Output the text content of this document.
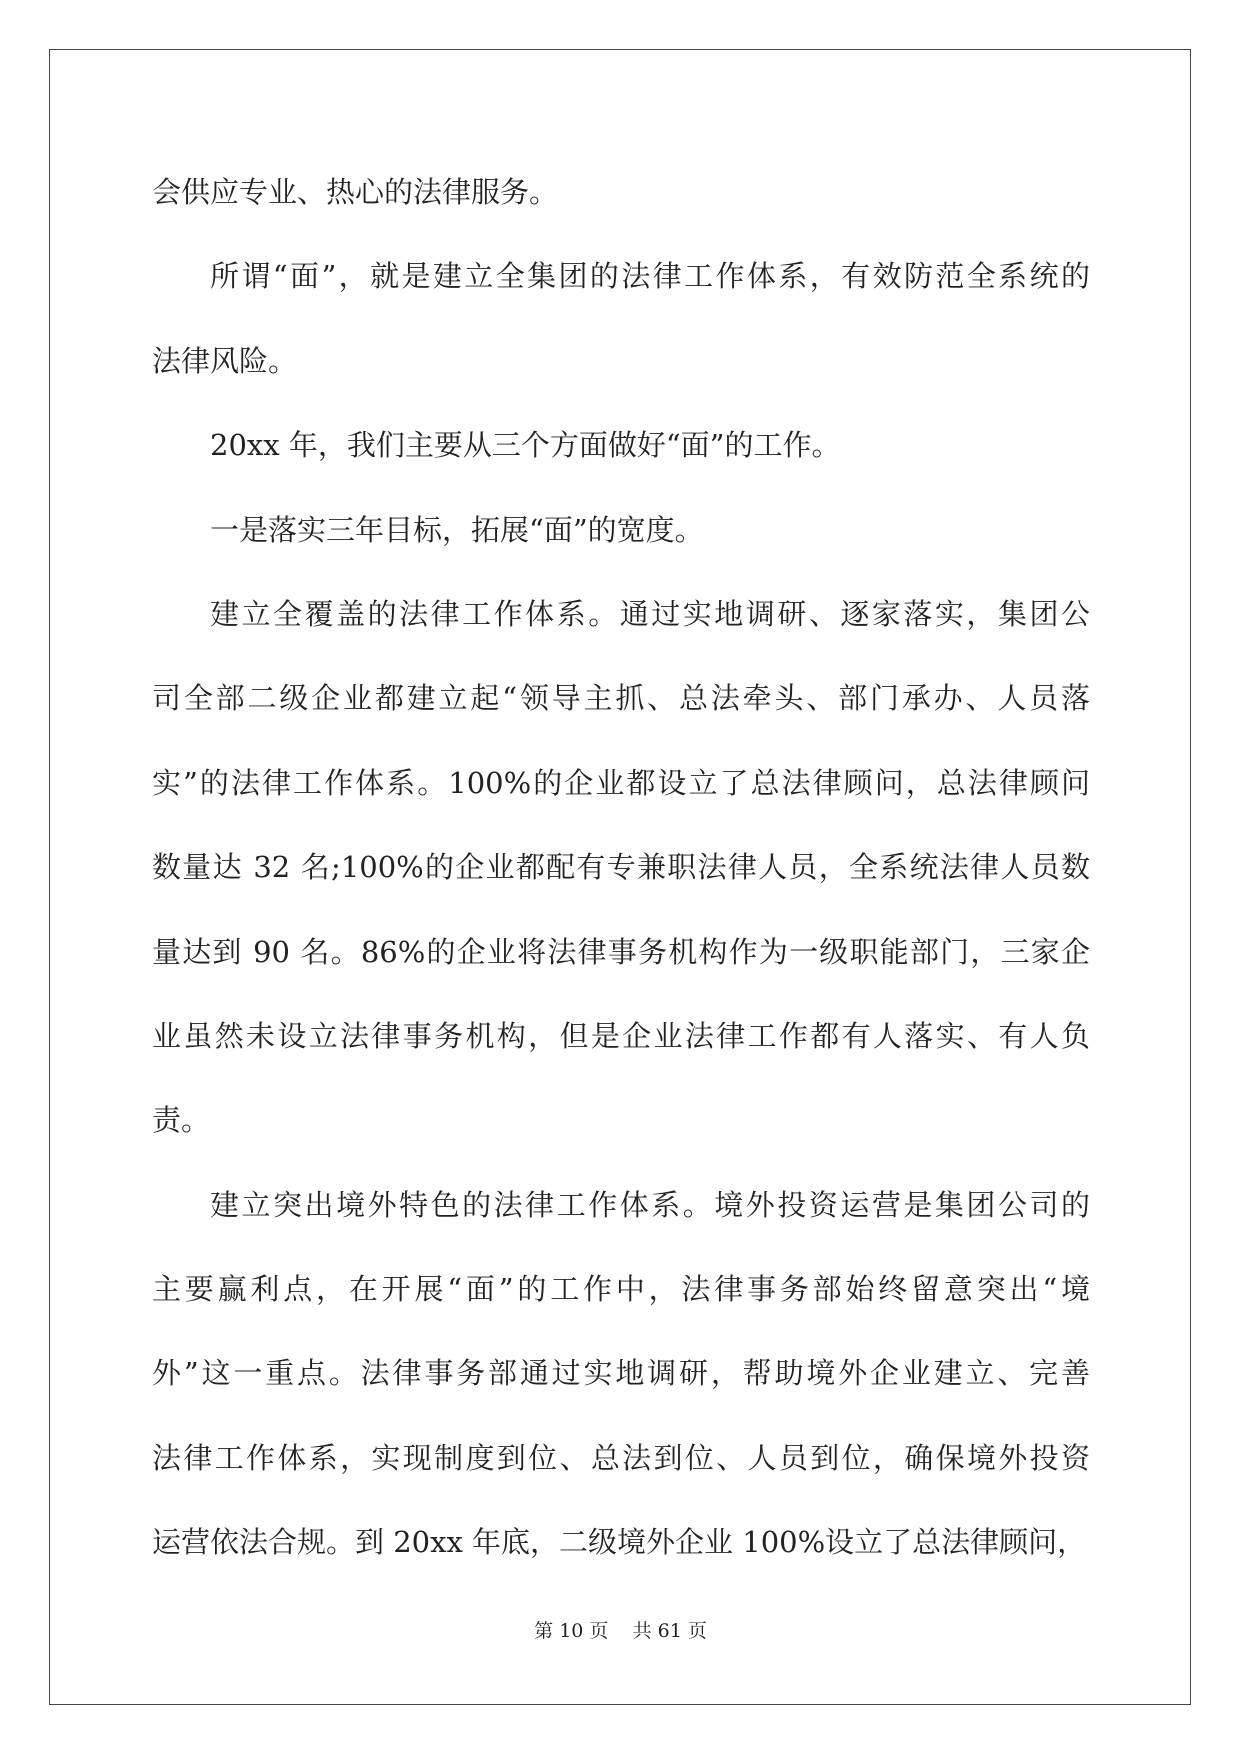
会供应专业、热心的法律服务。

所谓“面”，就是建立全集团的法律工作体系，有效防范全系统的
法律风险。

20xx 年，我们主要从三个方面做好“面”的工作。

一是落实三年目标，拓展“面”的宽度。

建立全覆盖的法律工作体系。通过实地调研、逐家落实，集团公
司全部二级企业都建立起“领导主抓、总法牵头、部门承办、人员落
实”的法律工作体系。100%的企业都设立了总法律顾问，总法律顾问
数量达 32 名;100%的企业都配有专兼职法律人员，全系统法律人员数
量达到 90 名。86%的企业将法律事务机构作为一级职能部门，三家企
业虽然未设立法律事务机构，但是企业法律工作都有人落实、有人负
责。

建立突出境外特色的法律工作体系。境外投资运营是集团公司的
主要赢利点，在开展“面”的工作中，法律事务部始终留意突出“境
外”这一重点。法律事务部通过实地调研，帮助境外企业建立、完善
法律工作体系，实现制度到位、总法到位、人员到位，确保境外投资
运营依法合规。到 20xx 年底，二级境外企业 100%设立了总法律顾问，

第 10 页    共 61 页
